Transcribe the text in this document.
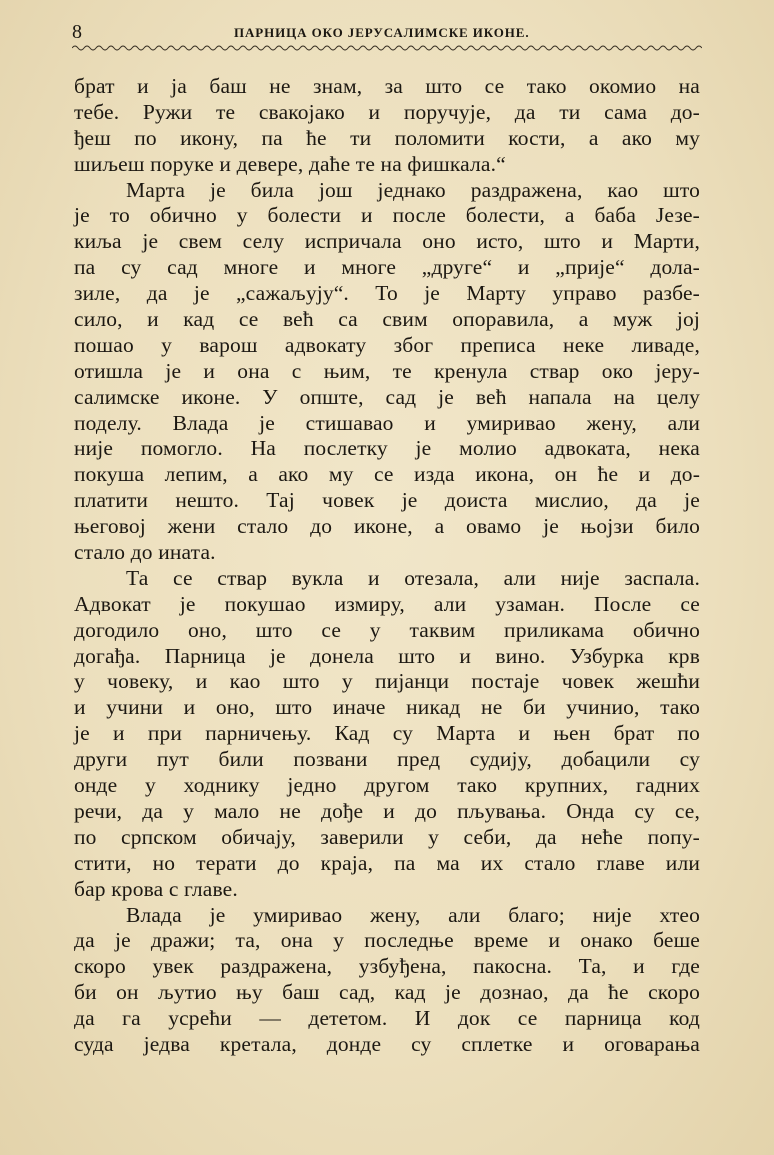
8	ПАРНИЦА ОКО ЈЕРУСАЛИМСКЕ ИКОНЕ.
брат и ја баш не знам, за што се тако окомио на
тебе. Ружи те свакојако и поручује, да ти сама до-
ђеш по икону, па ће ти поломити кости, а ако му
шиљеш поруке и девере, даће те на фишкала.“
Марта је била још једнако раздражена, као што
је то обично у болести и после болести, а баба Језе-
киља је свем селу испричала оно исто, што и Марти,
па су сад многе и многе „друге“ и „прије“ дола-
зиле, да је „сажаљују“. То је Марту управо разбе-
сило, и кад се већ са свим опоравила, а муж јој
пошао у варош адвокату због преписа неке ливаде,
отишла је и она с њим, те кренула ствар око јеру-
салимске иконе. У опште, сад је већ напала на целу
поделу. Влада је стишавао и умиривао жену, али
није помогло. На послетку је молио адвоката, нека
покуша лепим, а ако му се изда икона, он ће и до-
платити нешто. Тај човек је доиста мислио, да је
његовој жени стало до иконе, а овамо је њојзи било
стало до ината.
Та се ствар вукла и отезала, али није заспала.
Адвокат је покушао измиру, али узаман. После се
догодило оно, што се у таквим приликама обично
догађа. Парница је донела што и вино. Узбурка крв
у човеку, и као што у пијанци постаје човек жешћи
и учини и оно, што иначе никад не би учинио, тако
је и при парничењу. Кад су Марта и њен брат по
други пут били позвани пред судију, добацили су
онде у ходнику једно другом тако крупних, гадних
речи, да у мало не дође и до пљувања. Онда су се,
по српском обичају, заверили у себи, да неће попу-
стити, но терати до краја, па ма их стало главе или
бар крова с главе.
Влада је умиривао жену, али благо; није хтео
да је дражи; та, она у последње време и онако беше
скоро увек раздражена, узбуђена, пакосна. Та, и где
би он љутио њу баш сад, кад је дознао, да ће скоро
да га усрећи — дететом. И док се парница код
суда једва кретала, донде су сплетке и оговарања
